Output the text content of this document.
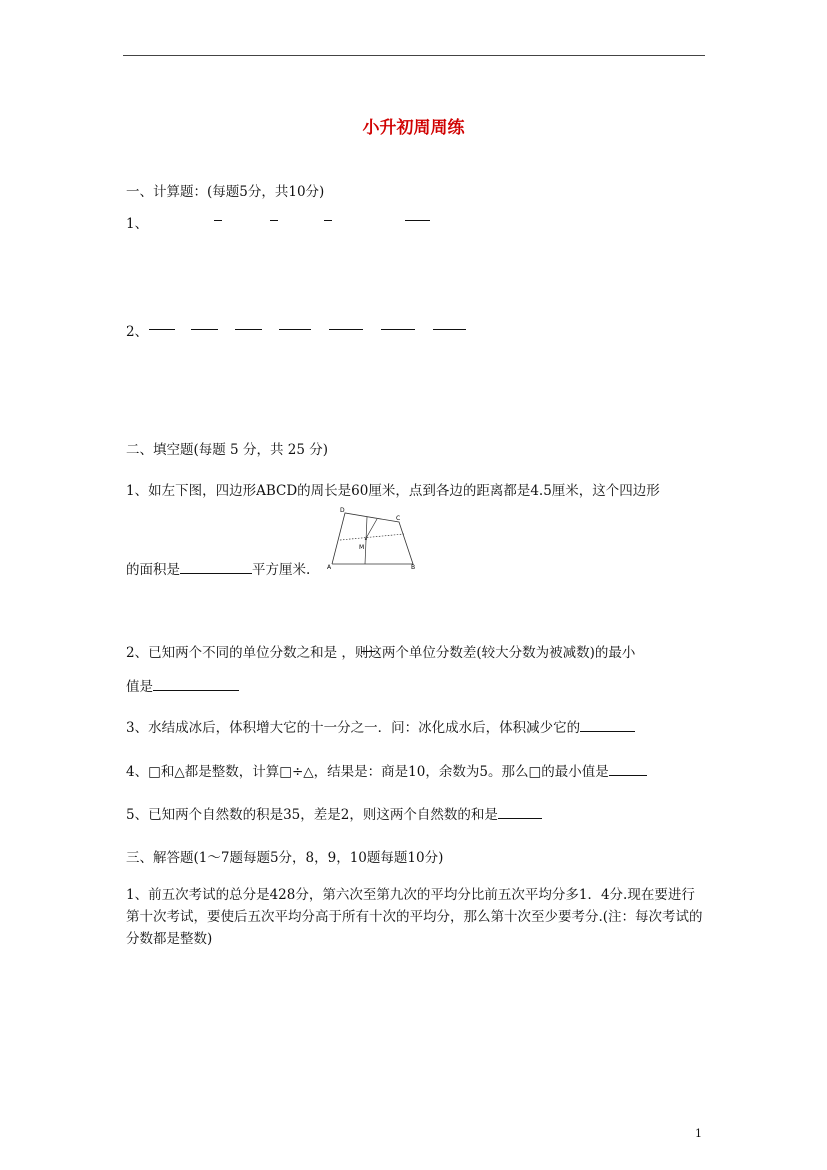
小升初周周练
一、计算题：(每题5分，共10分)
1、
2、
二、填空题(每题 5 分，共 25 分)
1、如左下图，四边形ABCD的周长是60厘米，点到各边的距离都是4.5厘米，这个四边形
的面积是	平方厘米.
D
C
M
A	B
2、已知两个不同的单位分数之和是 ，则这两个单位分数差(较大分数为被减数)的最小
值是
3、水结成冰后，体积增大它的十一分之一．问：冰化成水后，体积减少它的
4、□和△都是整数，计算□÷△，结果是：商是10，余数为5。那么□的最小值是
5、已知两个自然数的积是35，差是2，则这两个自然数的和是
三、解答题(1～7题每题5分，8，9，10题每题10分)
1、前五次考试的总分是428分，第六次至第九次的平均分比前五次平均分多1．4分.现在要进行第十次考试，要使后五次平均分高于所有十次的平均分，那么第十次至少要考分.(注：每次考试的分数都是整数)
1
